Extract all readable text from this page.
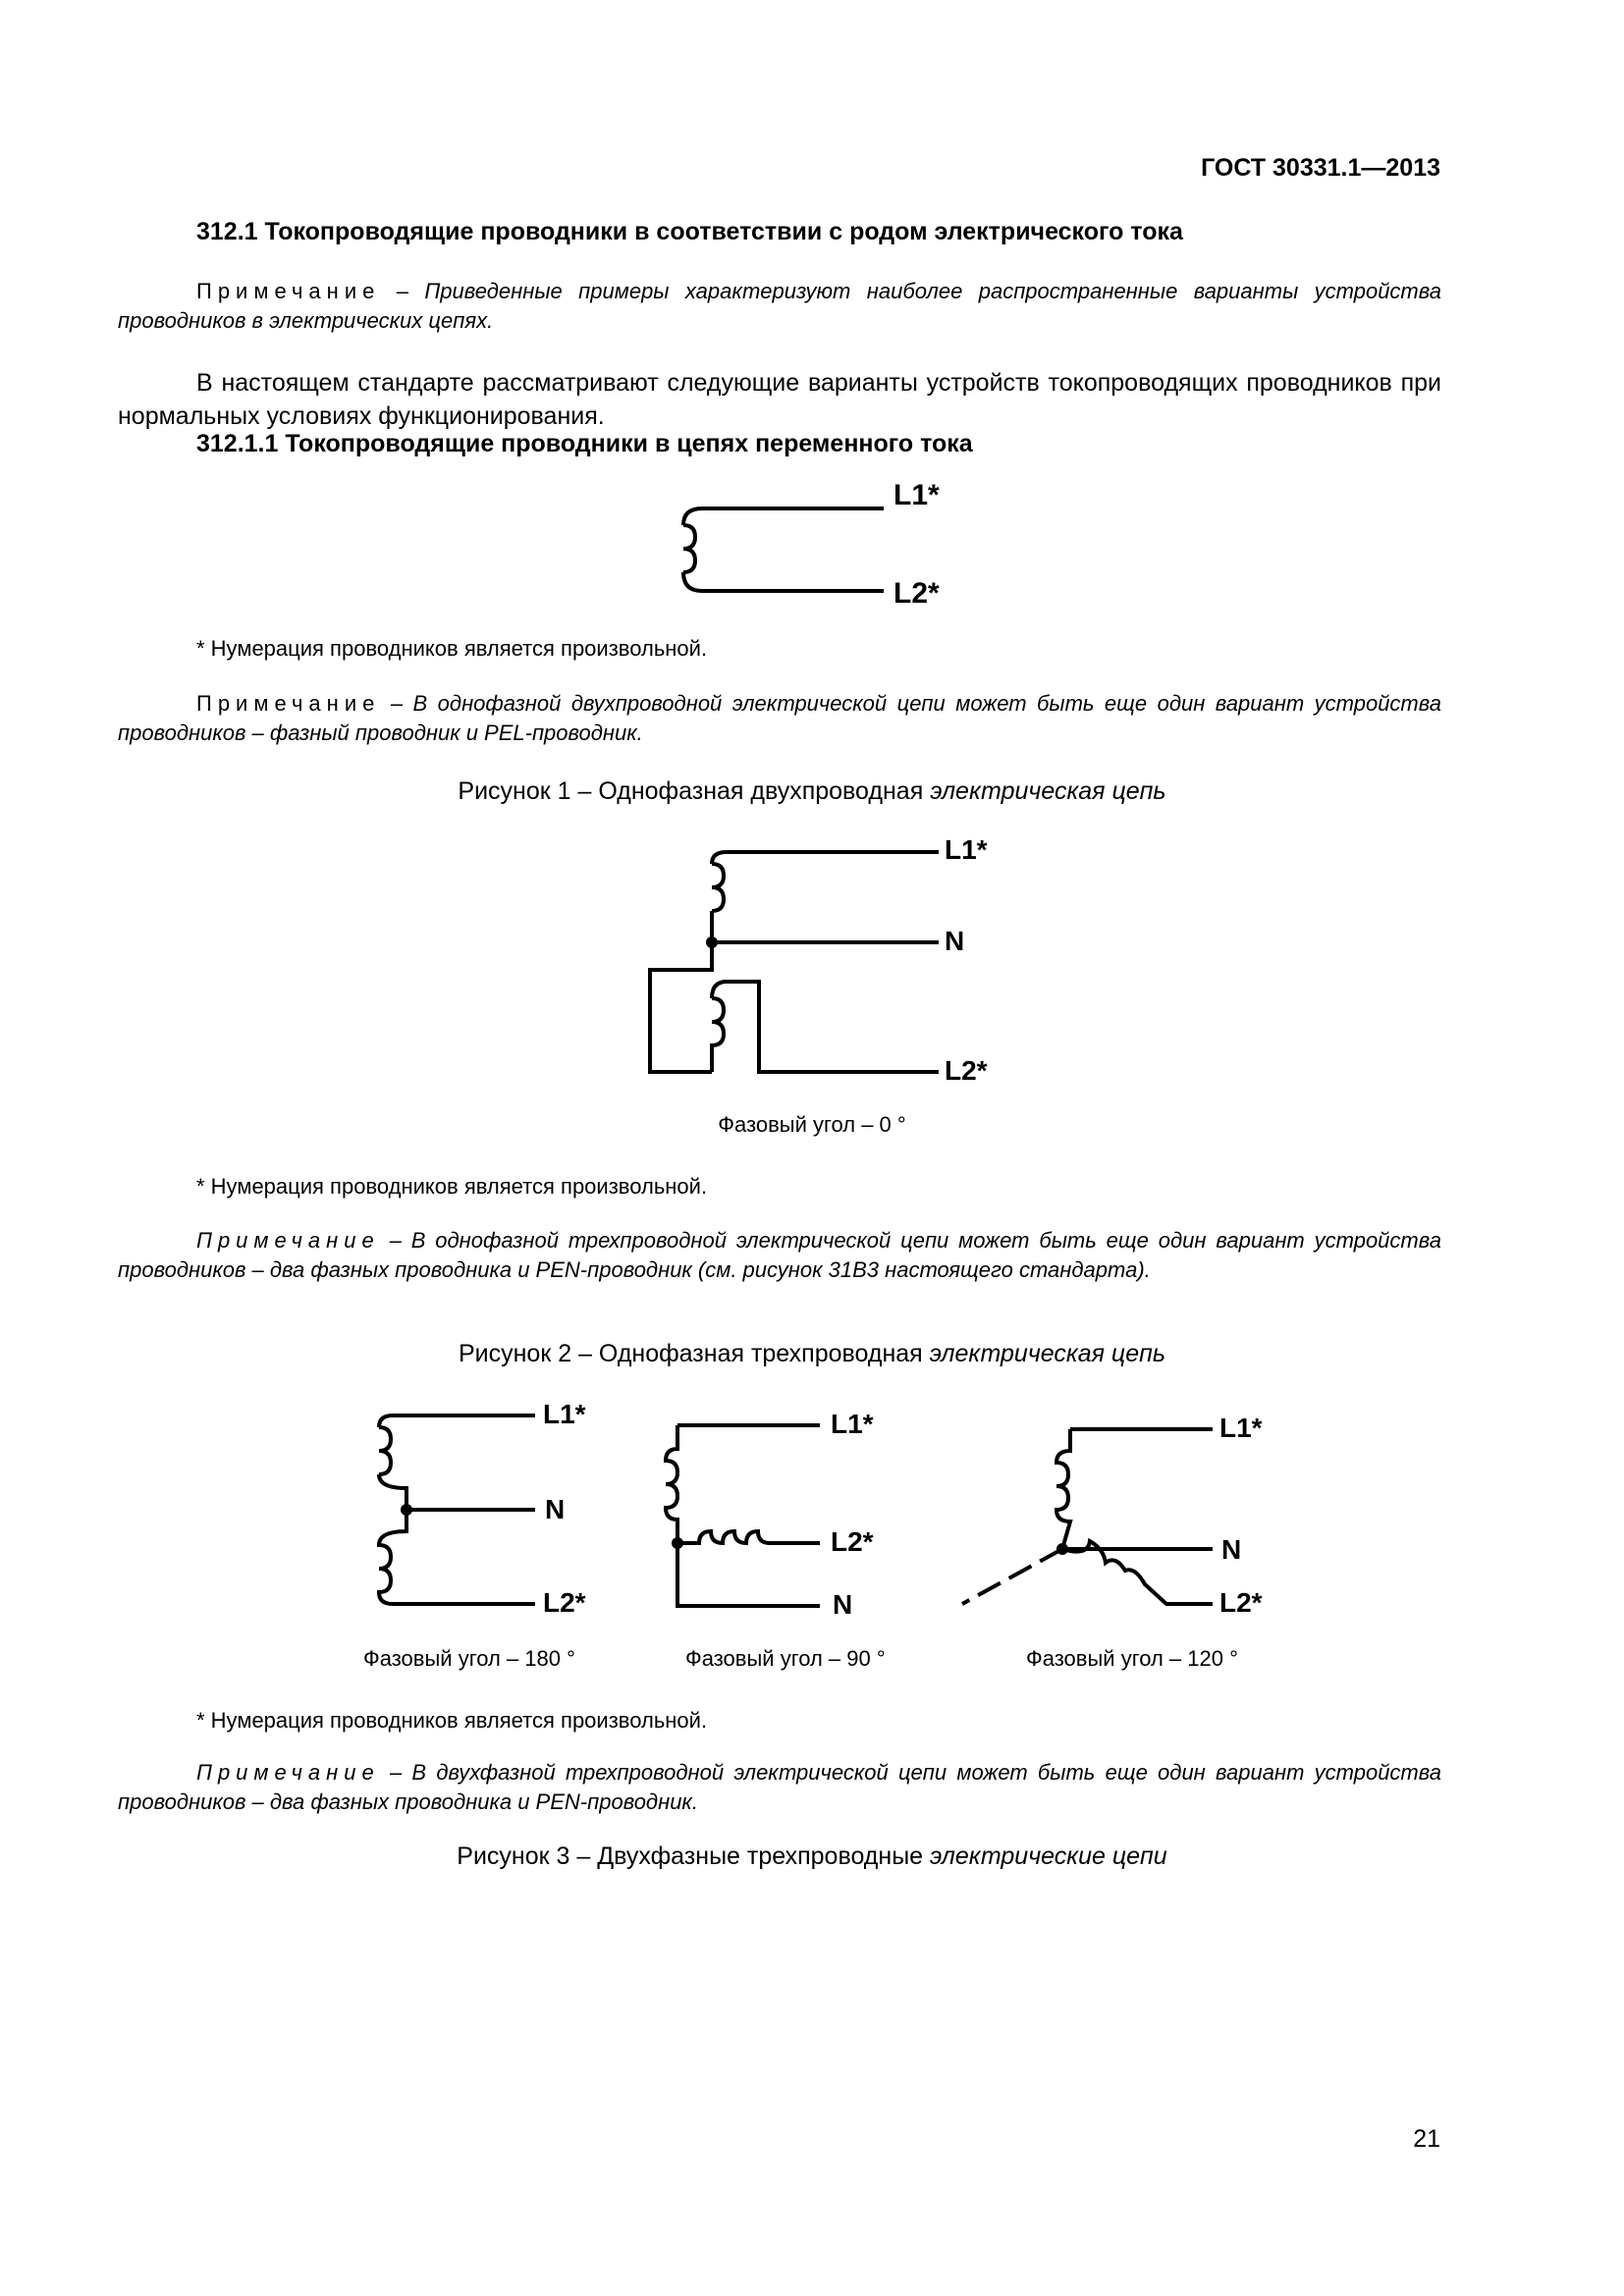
ГОСТ 30331.1—2013
312.1 Токопроводящие проводники в соответствии с родом электрического тока
Примечание – Приведенные примеры характеризуют наиболее распространенные варианты устройства проводников в электрических цепях.
В настоящем стандарте рассматривают следующие варианты устройств токопроводящих проводников при нормальных условиях функционирования.
312.1.1 Токопроводящие проводники в цепях переменного тока
L1*
L2*
* Нумерация проводников является произвольной.
Примечание – В однофазной двухпроводной электрической цепи может быть еще один вариант устройства проводников – фазный проводник и PEL-проводник.
Рисунок 1 – Однофазная двухпроводная электрическая цепь
L1*
N
L2*
Фазовый угол – 0 °
* Нумерация проводников является произвольной.
Примечание – В однофазной трехпроводной электрической цепи может быть еще один вариант устройства проводников – два фазных проводника и PEN-проводник (см. рисунок 31В3 настоящего стандарта).
Рисунок 2 – Однофазная трехпроводная электрическая цепь
L1*
N
L2*
L1*
L2*
N
L1*
N
L2*
Фазовый угол – 180 °	Фазовый угол – 90 °	Фазовый угол – 120 °
* Нумерация проводников является произвольной.
Примечание – В двухфазной трехпроводной электрической цепи может быть еще один вариант устройства проводников – два фазных проводника и PEN-проводник.
Рисунок 3 – Двухфазные трехпроводные электрические цепи
21
